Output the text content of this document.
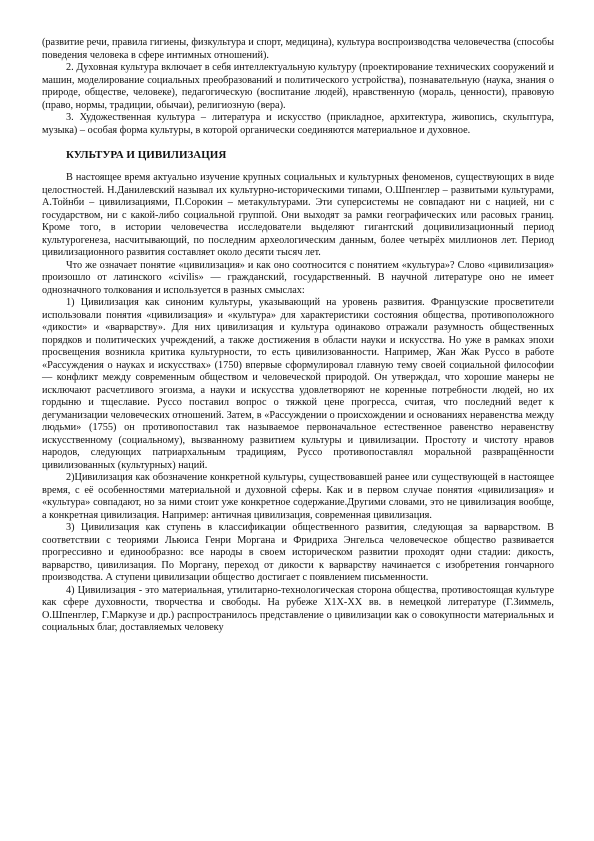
(развитие речи, правила гигиены, физкультура и спорт, медицина), культура воспроизводства человечества (способы поведения человека в сфере интимных отношений).

2. Духовная культура включает в себя интеллектуальную культуру (проектирование технических сооружений и машин, моделирование социальных преобразований и политического устройства), познавательную (наука, знания о природе, обществе, человеке), педагогическую (воспитание людей), нравственную (мораль, ценности), правовую (право, нормы, традиции, обычаи), религиозную (вера).

3. Художественная культура – литература и искусство (прикладное, архитектура, живопись, скульптура, музыка) – особая форма культуры, в которой органически соединяются материальное и духовное.

КУЛЬТУРА И ЦИВИЛИЗАЦИЯ

В настоящее время актуально изучение крупных социальных и культурных феноменов, существующих в виде целостностей. Н.Данилевский называл их культурно-историческими типами, О.Шпенглер – развитыми культурами, А.Тойнби – цивилизациями, П.Сорокин – метакультурами. Эти суперсистемы не совпадают ни с нацией, ни с государством, ни с какой-либо социальной группой. Они выходят за рамки географических или расовых границ. Кроме того, в истории человечества исследователи выделяют гигантский доцивилизационный период культурогенеза, насчитывающий, по последним археологическим данным, более четырёх миллионов лет. Период цивилизационного развития составляет около десяти тысяч лет.

Что же означает понятие «цивилизация» и как оно соотносится с понятием «культура»? Слово «цивилизация» произошло от латинского «civilis» — гражданский, государственный. В научной литературе оно не имеет однозначного толкования и используется в разных смыслах:

1) Цивилизация как синоним культуры, указывающий на уровень развития. Французские просветители использовали понятия «цивилизация» и «культура» для характеристики состояния общества, противоположного «дикости» и «варварству». Для них цивилизация и культура одинаково отражали разумность общественных порядков и политических учреждений, а также достижения в области науки и искусства. Но уже в рамках эпохи просвещения возникла критика культурности, то есть цивилизованности. Например, Жан Жак Руссо в работе «Рассуждения о науках и искусствах» (1750) впервые сформулировал главную тему своей социальной философии — конфликт между современным обществом и человеческой природой. Он утверждал, что хорошие манеры не исключают расчетливого эгоизма, а науки и искусства удовлетворяют не коренные потребности людей, но их гордыню и тщеславие. Руссо поставил вопрос о тяжкой цене прогресса, считая, что последний ведет к дегуманизации человеческих отношений. Затем, в «Рассуждении о происхождении и основаниях неравенства между людьми» (1755) он противопоставил так называемое первоначальное естественное равенство неравенству искусственному (социальному), вызванному развитием культуры и цивилизации. Простоту и чистоту нравов народов, следующих патриархальным традициям, Руссо противопоставлял моральной развращённости цивилизованных (культурных) наций.

2)Цивилизация как обозначение конкретной культуры, существовавшей ранее или существующей в настоящее время, с её особенностями материальной и духовной сферы. Как и в первом случае понятия «цивилизация» и «культура» совпадают, но за ними стоит уже конкретное содержание.Другими словами, это не цивилизация вообще, а конкретная цивилизация. Например: античная цивилизация, современная цивилизация.

3) Цивилизация как ступень в классификации общественного развития, следующая за варварством. В соответствии с теориями Льюиса Генри Моргана и Фридриха Энгельса человеческое общество развивается прогрессивно и единообразно: все народы в своем историческом развитии проходят одни стадии: дикость, варварство, цивилизация. По Моргану, переход от дикости к варварству начинается с изобретения гончарного производства. А ступени цивилизации общество достигает с появлением письменности.

4) Цивилизация - это материальная, утилитарно-технологическая сторона общества, противостоящая культуре как сфере духовности, творчества и свободы. На рубеже X1X-XX вв. в немецкой литературе (Г.Зиммель, О.Шпенглер, Г.Маркузе и др.) распространилось представление о цивилизации как о совокупности материальных и социальных благ, доставляемых человеку
